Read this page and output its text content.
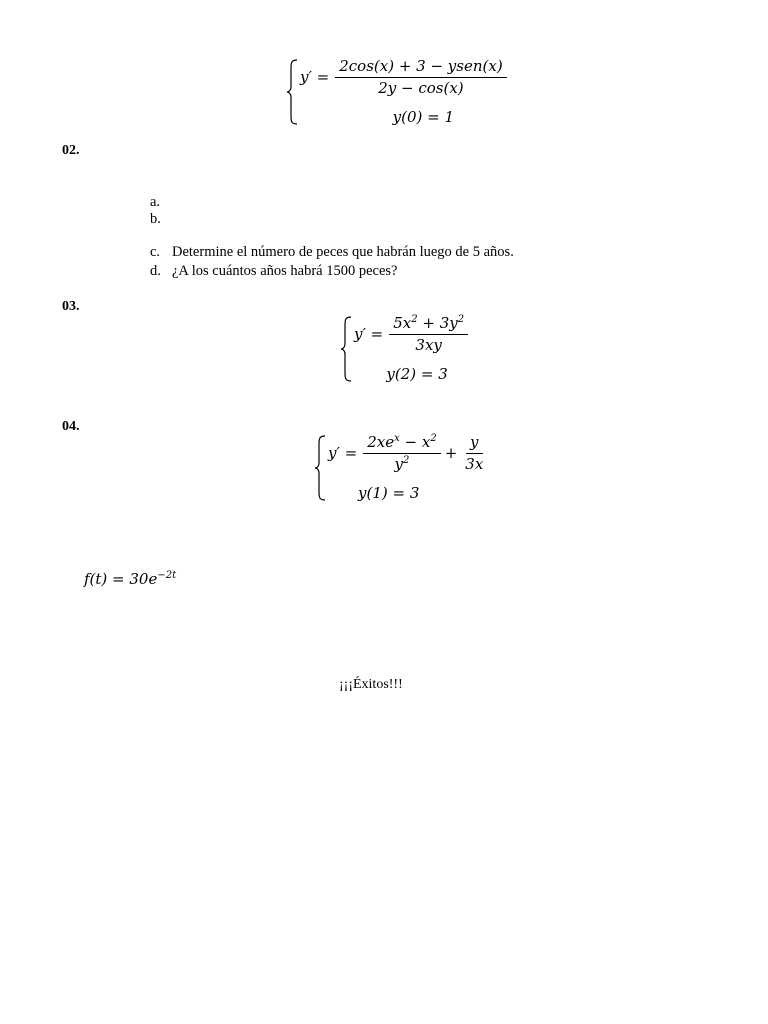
$y' = \frac{\text{2cos(x) + 3 − ysen(x)}}{2y - \cos(x)}$
y(0) = 1
02.
a.
b.
c. Determine el número de peces que habrán luego de 5 años.
d. ¿A los cuántos años habrá 1500 peces?
03.
$y' = \frac{5x^2 + 3y^2}{3xy}$
y(2) = 3
04.
$y' = \frac{2xe^x - x^2}{y^2} + \frac{y}{3x}$
y(1) = 3
$f(t) = 30e^{-2t}$
¡¡¡Éxitos!!!
